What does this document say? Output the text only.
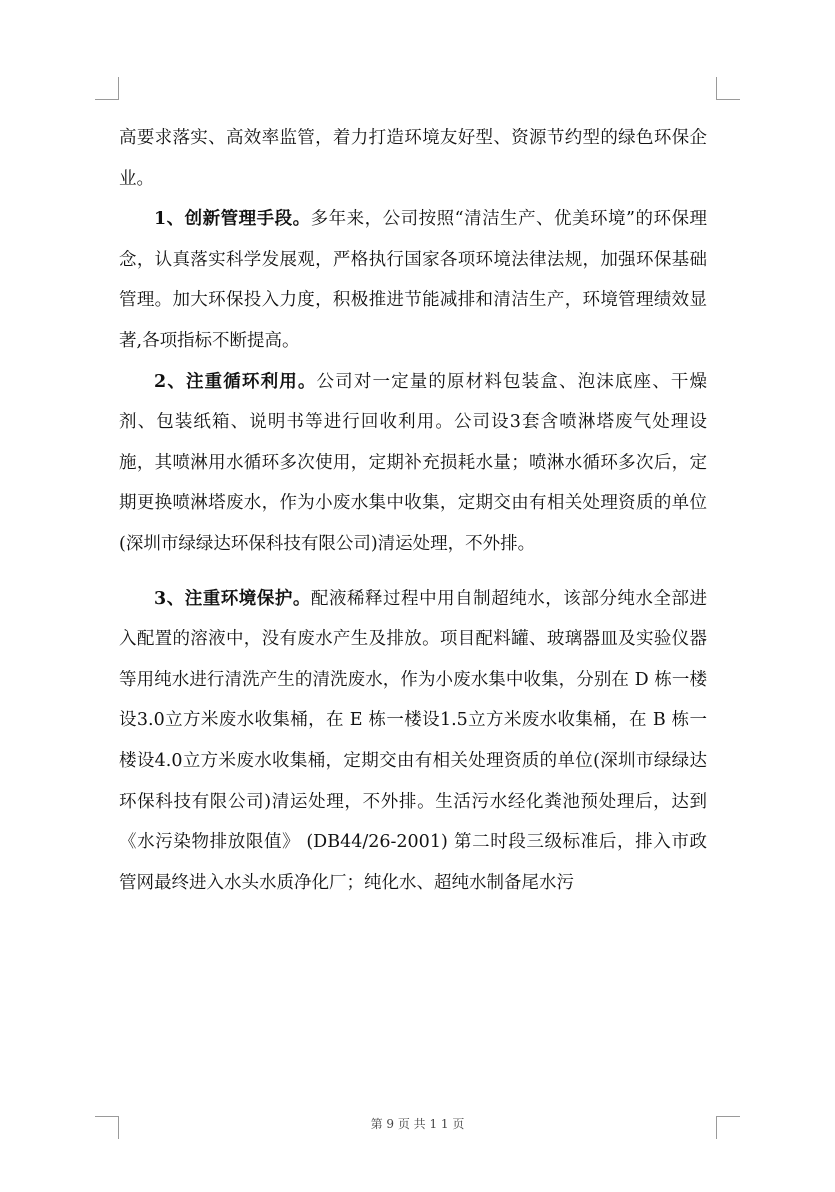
高要求落实、高效率监管，着力打造环境友好型、资源节约型的绿色环保企业。

1、创新管理手段。多年来，公司按照“清洁生产、优美环境”的环保理念，认真落实科学发展观，严格执行国家各项环境法律法规，加强环保基础管理。加大环保投入力度，积极推进节能减排和清洁生产，环境管理绩效显著,各项指标不断提高。

2、注重循环利用。公司对一定量的原材料包装盒、泡沫底座、干燥剂、包装纸箱、说明书等进行回收利用。公司设3套含喷淋塔废气处理设施，其喷淋用水循环多次使用，定期补充损耗水量；喷淋水循环多次后，定期更换喷淋塔废水，作为小废水集中收集，定期交由有相关处理资质的单位(深圳市绿绿达环保科技有限公司)清运处理，不外排。

3、注重环境保护。配液稀释过程中用自制超纯水，该部分纯水全部进入配置的溶液中，没有废水产生及排放。项目配料罐、玻璃器皿及实验仪器等用纯水进行清洗产生的清洗废水，作为小废水集中收集，分别在 D 栋一楼设3.0立方米废水收集桶，在 E 栋一楼设1.5立方米废水收集桶，在 B 栋一楼设4.0立方米废水收集桶，定期交由有相关处理资质的单位(深圳市绿绿达环保科技有限公司)清运处理，不外排。生活污水经化粪池预处理后，达到《水污染物排放限值》 (DB44/26-2001) 第二时段三级标准后，排入市政管网最终进入水头水质净化厂；纯化水、超纯水制备尾水污

第 9 页 共 1 1 页
